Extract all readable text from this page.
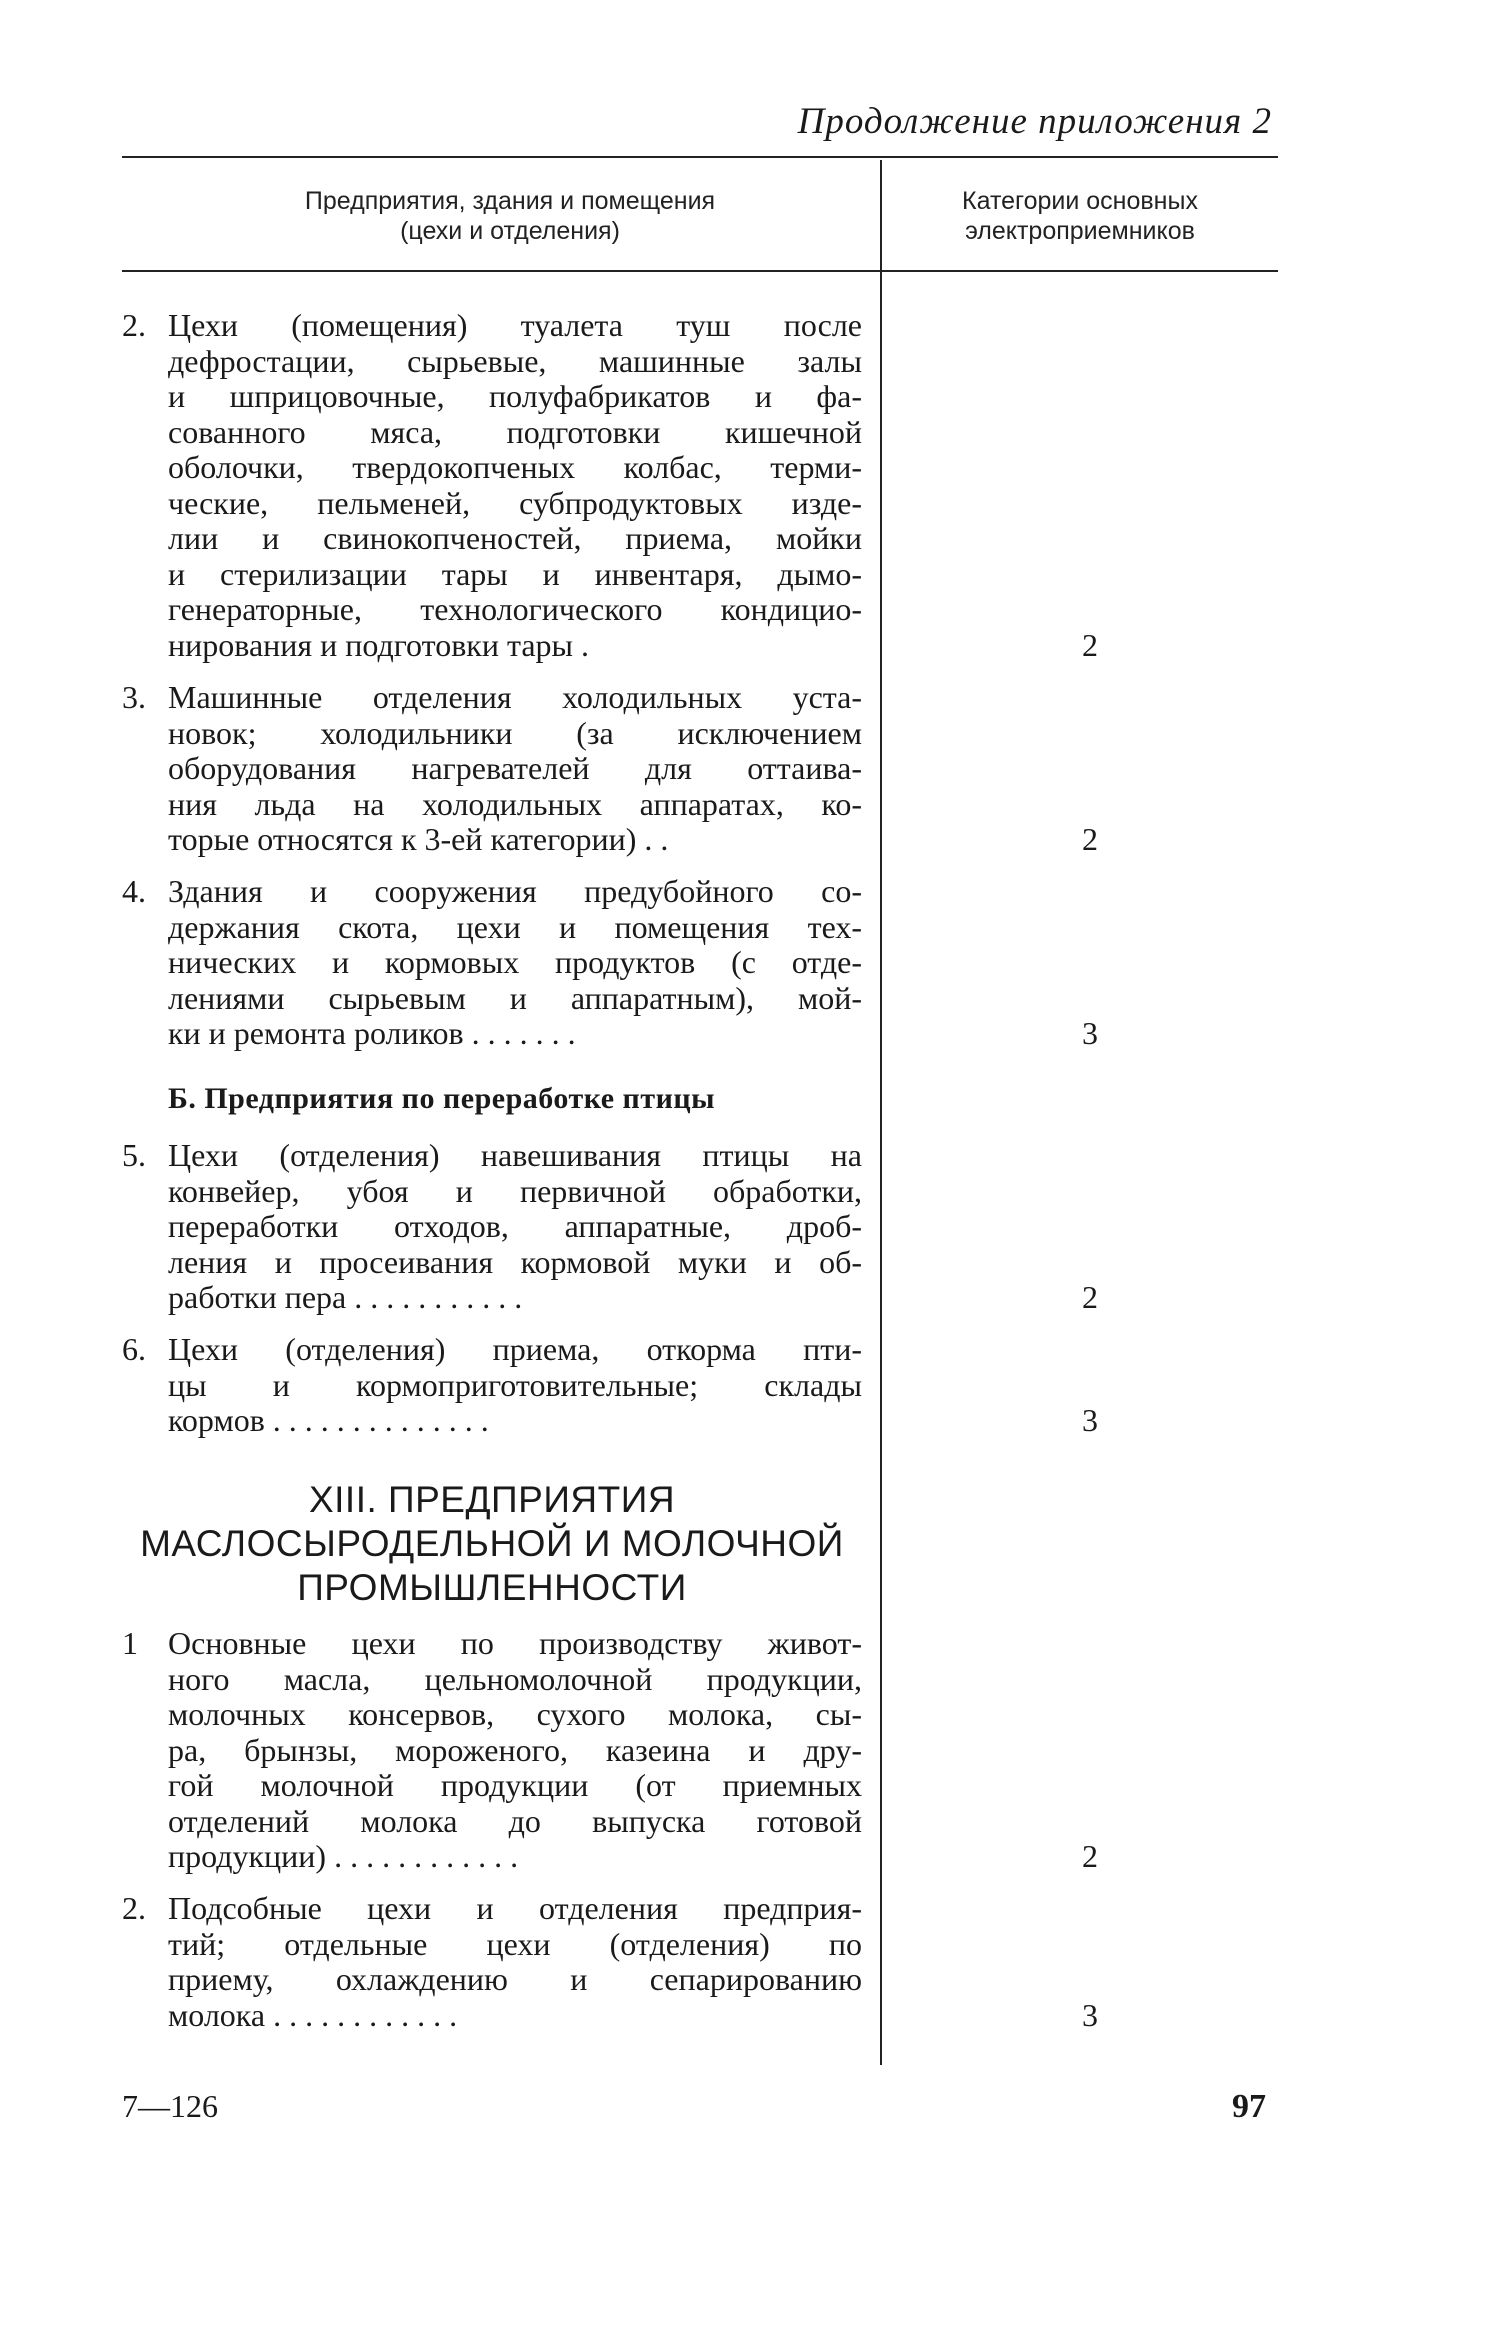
Продолжение приложения 2
Предприятия, здания и помещения
(цехи и отделения)
Категории основных
электроприемников
2. Цехи (помещения) туалета туш после
дефростации, сырьевые, машинные залы
и шприцовочные, полуфабрикатов и фа-
сованного мяса, подготовки кишечной
оболочки, твердокопченых колбас, терми-
ческие, пельменей, субпродуктовых изде-
лии и свинокопченостей, приема, мойки
и стерилизации тары и инвентаря, дымо-
генераторные, технологического кондицио-
нирования и подготовки тары .	2
3. Машинные отделения холодильных уста-
новок; холодильники (за исключением
оборудования нагревателей для оттаива-
ния льда на холодильных аппаратах, ко-
торые относятся к 3-ей категории) . .	2
4. Здания и сооружения предубойного со-
держания скота, цехи и помещения тех-
нических и кормовых продуктов (с отде-
лениями сырьевым и аппаратным), мой-
ки и ремонта роликов . . . . . . .	3
Б. Предприятия по переработке птицы
5. Цехи (отделения) навешивания птицы на
конвейер, убоя и первичной обработки,
переработки отходов, аппаратные, дроб-
ления и просеивания кормовой муки и об-
работки пера . . . . . . . . . . .	2
6. Цехи (отделения) приема, откорма пти-
цы и кормоприготовительные; склады
кормов . . . . . . . . . . . . . .	3
XIII. ПРЕДПРИЯТИЯ
МАСЛОСЫРОДЕЛЬНОЙ И МОЛОЧНОЙ
ПРОМЫШЛЕННОСТИ
1 Основные цехи по производству живот-
ного масла, цельномолочной продукции,
молочных консервов, сухого молока, сы-
ра, брынзы, мороженого, казеина и дру-
гой молочной продукции (от приемных
отделений молока до выпуска готовой
продукции) . . . . . . . . . . . .	2
2. Подсобные цехи и отделения предприя-
тий; отдельные цехи (отделения) по
приему, охлаждению и сепарированию
молока . . . . . . . . . . . .	3
7—126	97
